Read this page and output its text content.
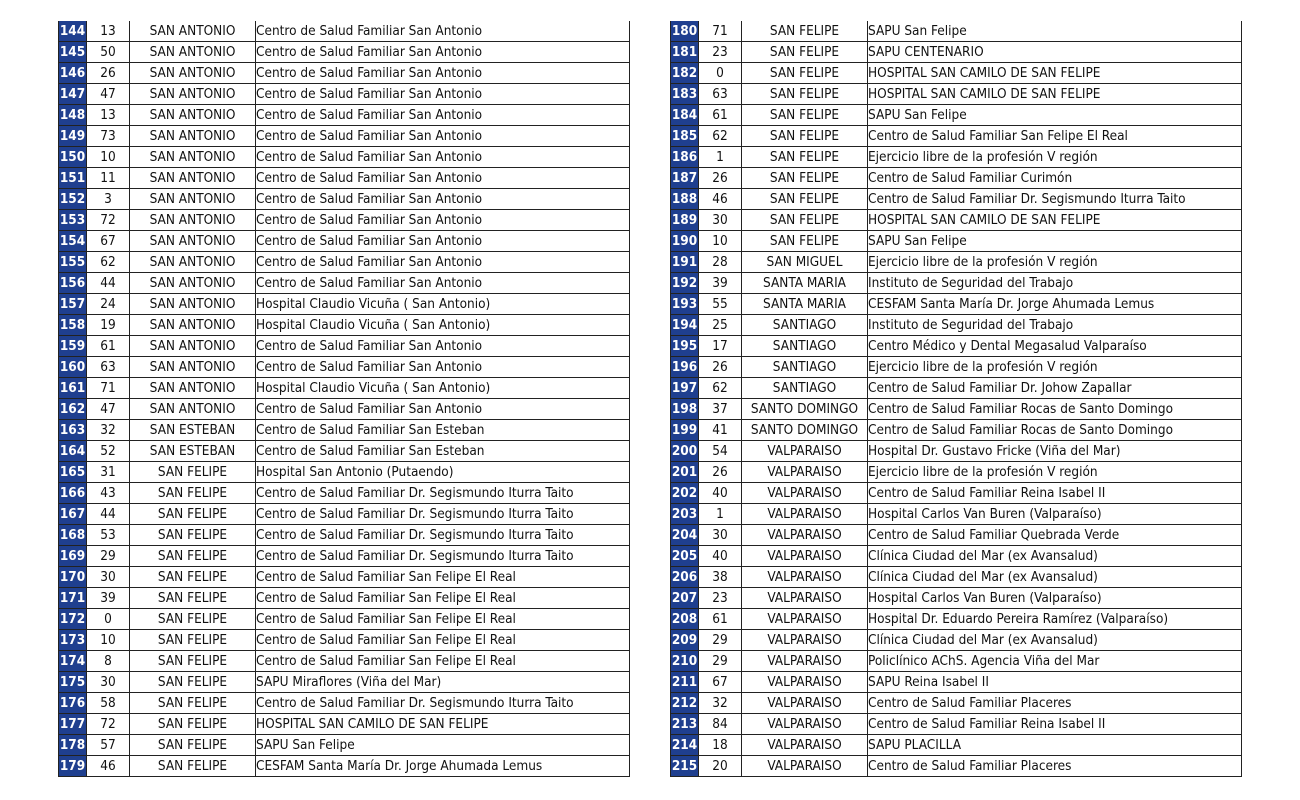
144	13	SAN ANTONIO	Centro de Salud Familiar San Antonio
145	50	SAN ANTONIO	Centro de Salud Familiar San Antonio
146	26	SAN ANTONIO	Centro de Salud Familiar San Antonio
147	47	SAN ANTONIO	Centro de Salud Familiar San Antonio
148	13	SAN ANTONIO	Centro de Salud Familiar San Antonio
149	73	SAN ANTONIO	Centro de Salud Familiar San Antonio
150	10	SAN ANTONIO	Centro de Salud Familiar San Antonio
151	11	SAN ANTONIO	Centro de Salud Familiar San Antonio
152	3	SAN ANTONIO	Centro de Salud Familiar San Antonio
153	72	SAN ANTONIO	Centro de Salud Familiar San Antonio
154	67	SAN ANTONIO	Centro de Salud Familiar San Antonio
155	62	SAN ANTONIO	Centro de Salud Familiar San Antonio
156	44	SAN ANTONIO	Centro de Salud Familiar San Antonio
157	24	SAN ANTONIO	Hospital Claudio Vicuña ( San Antonio)
158	19	SAN ANTONIO	Hospital Claudio Vicuña ( San Antonio)
159	61	SAN ANTONIO	Centro de Salud Familiar San Antonio
160	63	SAN ANTONIO	Centro de Salud Familiar San Antonio
161	71	SAN ANTONIO	Hospital Claudio Vicuña ( San Antonio)
162	47	SAN ANTONIO	Centro de Salud Familiar San Antonio
163	32	SAN ESTEBAN	Centro de Salud Familiar San Esteban
164	52	SAN ESTEBAN	Centro de Salud Familiar San Esteban
165	31	SAN FELIPE	Hospital San Antonio (Putaendo)
166	43	SAN FELIPE	Centro de Salud Familiar Dr. Segismundo Iturra Taito
167	44	SAN FELIPE	Centro de Salud Familiar Dr. Segismundo Iturra Taito
168	53	SAN FELIPE	Centro de Salud Familiar Dr. Segismundo Iturra Taito
169	29	SAN FELIPE	Centro de Salud Familiar Dr. Segismundo Iturra Taito
170	30	SAN FELIPE	Centro de Salud Familiar San Felipe El Real
171	39	SAN FELIPE	Centro de Salud Familiar San Felipe El Real
172	0	SAN FELIPE	Centro de Salud Familiar San Felipe El Real
173	10	SAN FELIPE	Centro de Salud Familiar San Felipe El Real
174	8	SAN FELIPE	Centro de Salud Familiar San Felipe El Real
175	30	SAN FELIPE	SAPU Miraflores (Viña del Mar)
176	58	SAN FELIPE	Centro de Salud Familiar Dr. Segismundo Iturra Taito
177	72	SAN FELIPE	HOSPITAL SAN CAMILO DE SAN FELIPE
178	57	SAN FELIPE	SAPU San Felipe
179	46	SAN FELIPE	CESFAM Santa María Dr. Jorge Ahumada Lemus
180	71	SAN FELIPE	SAPU San Felipe
181	23	SAN FELIPE	SAPU CENTENARIO
182	0	SAN FELIPE	HOSPITAL SAN CAMILO DE SAN FELIPE
183	63	SAN FELIPE	HOSPITAL SAN CAMILO DE SAN FELIPE
184	61	SAN FELIPE	SAPU San Felipe
185	62	SAN FELIPE	Centro de Salud Familiar San Felipe El Real
186	1	SAN FELIPE	Ejercicio libre de la profesión V región
187	26	SAN FELIPE	Centro de Salud Familiar Curimón
188	46	SAN FELIPE	Centro de Salud Familiar Dr. Segismundo Iturra Taito
189	30	SAN FELIPE	HOSPITAL SAN CAMILO DE SAN FELIPE
190	10	SAN FELIPE	SAPU San Felipe
191	28	SAN MIGUEL	Ejercicio libre de la profesión V región
192	39	SANTA MARIA	Instituto de Seguridad del Trabajo
193	55	SANTA MARIA	CESFAM Santa María Dr. Jorge Ahumada Lemus
194	25	SANTIAGO	Instituto de Seguridad del Trabajo
195	17	SANTIAGO	Centro Médico y Dental Megasalud Valparaíso
196	26	SANTIAGO	Ejercicio libre de la profesión V región
197	62	SANTIAGO	Centro de Salud Familiar Dr. Johow Zapallar
198	37	SANTO DOMINGO	Centro de Salud Familiar Rocas de Santo Domingo
199	41	SANTO DOMINGO	Centro de Salud Familiar Rocas de Santo Domingo
200	54	VALPARAISO	Hospital Dr. Gustavo Fricke (Viña del Mar)
201	26	VALPARAISO	Ejercicio libre de la profesión V región
202	40	VALPARAISO	Centro de Salud Familiar Reina Isabel II
203	1	VALPARAISO	Hospital Carlos Van Buren (Valparaíso)
204	30	VALPARAISO	Centro de Salud Familiar Quebrada Verde
205	40	VALPARAISO	Clínica Ciudad del Mar (ex Avansalud)
206	38	VALPARAISO	Clínica Ciudad del Mar (ex Avansalud)
207	23	VALPARAISO	Hospital Carlos Van Buren (Valparaíso)
208	61	VALPARAISO	Hospital Dr. Eduardo Pereira Ramírez (Valparaíso)
209	29	VALPARAISO	Clínica Ciudad del Mar (ex Avansalud)
210	29	VALPARAISO	Policlínico AChS. Agencia Viña del Mar
211	67	VALPARAISO	SAPU Reina Isabel II
212	32	VALPARAISO	Centro de Salud Familiar Placeres
213	84	VALPARAISO	Centro de Salud Familiar Reina Isabel II
214	18	VALPARAISO	SAPU PLACILLA
215	20	VALPARAISO	Centro de Salud Familiar Placeres
